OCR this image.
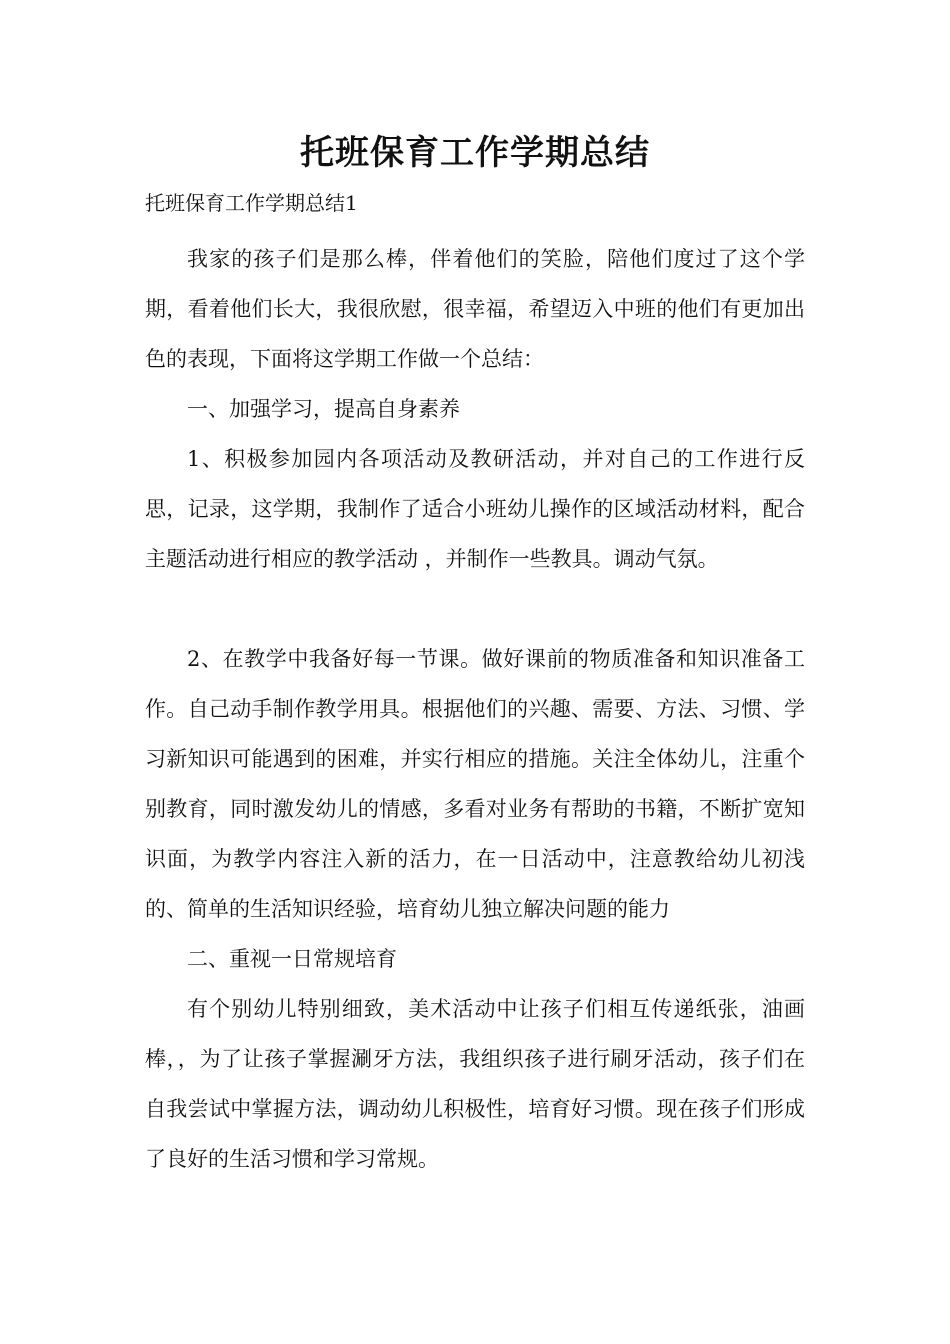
托班保育工作学期总结
托班保育工作学期总结1

我家的孩子们是那么棒，伴着他们的笑脸，陪他们度过了这个学期，看着他们长大，我很欣慰，很幸福，希望迈入中班的他们有更加出色的表现，下面将这学期工作做一个总结：

一、加强学习，提高自身素养

1、积极参加园内各项活动及教研活动，并对自己的工作进行反思，记录，这学期，我制作了适合小班幼儿操作的区域活动材料，配合主题活动进行相应的教学活动 ，并制作一些教具。调动气氛。

2、在教学中我备好每一节课。做好课前的物质准备和知识准备工作。自己动手制作教学用具。根据他们的兴趣、需要、方法、习惯、学习新知识可能遇到的困难，并实行相应的措施。关注全体幼儿，注重个别教育，同时激发幼儿的情感，多看对业务有帮助的书籍，不断扩宽知识面，为教学内容注入新的活力，在一日活动中，注意教给幼儿初浅的、简单的生活知识经验，培育幼儿独立解决问题的能力

二、重视一日常规培育

有个别幼儿特别细致，美术活动中让孩子们相互传递纸张，油画棒，，为了让孩子掌握涮牙方法，我组织孩子进行刷牙活动，孩子们在自我尝试中掌握方法，调动幼儿积极性，培育好习惯。现在孩子们形成了良好的生活习惯和学习常规。
